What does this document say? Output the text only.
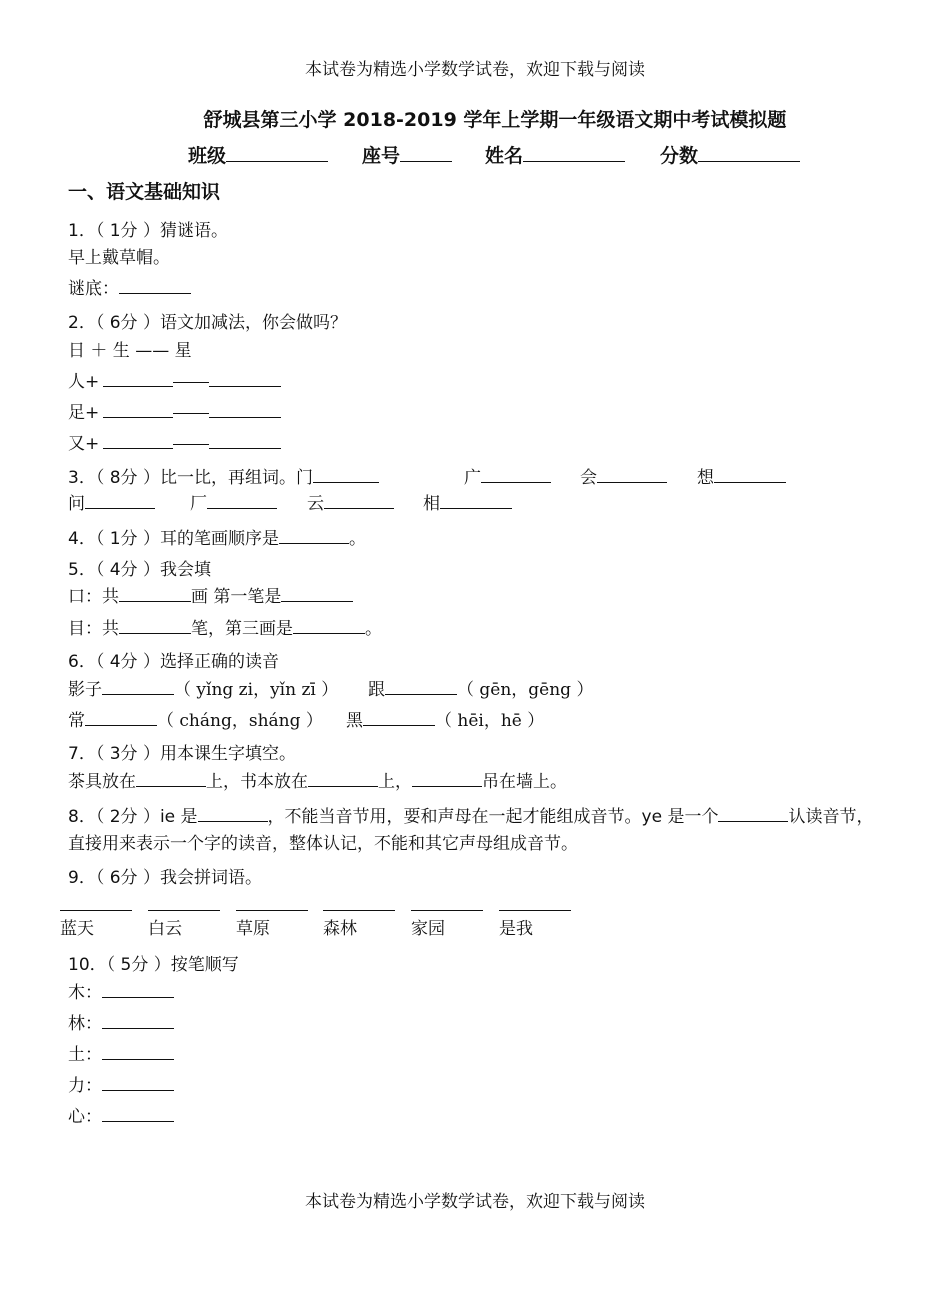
本试卷为精选小学数学试卷，欢迎下载与阅读
舒城县第三小学 2018-2019 学年上学期一年级语文期中考试模拟题
班级	座号	姓名	分数
一、语文基础知识
1．（ 1分 ）猜谜语。
早上戴草帽。
谜底：
2．（ 6分 ）语文加减法，你会做吗？
日 ＋ 生 —— 星
人+
足+
又+
3．（ 8分 ）比一比，再组词。门	广	会	想
问	厂	云	相
4．（ 1分 ）耳的笔画顺序是	。
5．（ 4分 ）我会填
口：共	画 第一笔是
目：共	笔，第三画是	。
6．（ 4分 ）选择正确的读音
影子	（ yǐng zi，yǐn zī ） 跟	（ gēn，gēng ）
常	（ cháng，sháng ） 黑	（ hēi，hē ）
7．（ 3分 ）用本课生字填空。
茶具放在	上，书本放在	上，	吊在墙上。
8．（ 2分 ）ie 是	，不能当音节用，要和声母在一起才能组成音节。ye 是一个	认读音节，
直接用来表示一个字的读音，整体认记，不能和其它声母组成音节。
9．（ 6分 ）我会拼词语。
蓝天	白云	草原	森林	家园	是我
10．（ 5分 ）按笔顺写
木：
林：
土：
力：
心：
本试卷为精选小学数学试卷，欢迎下载与阅读
